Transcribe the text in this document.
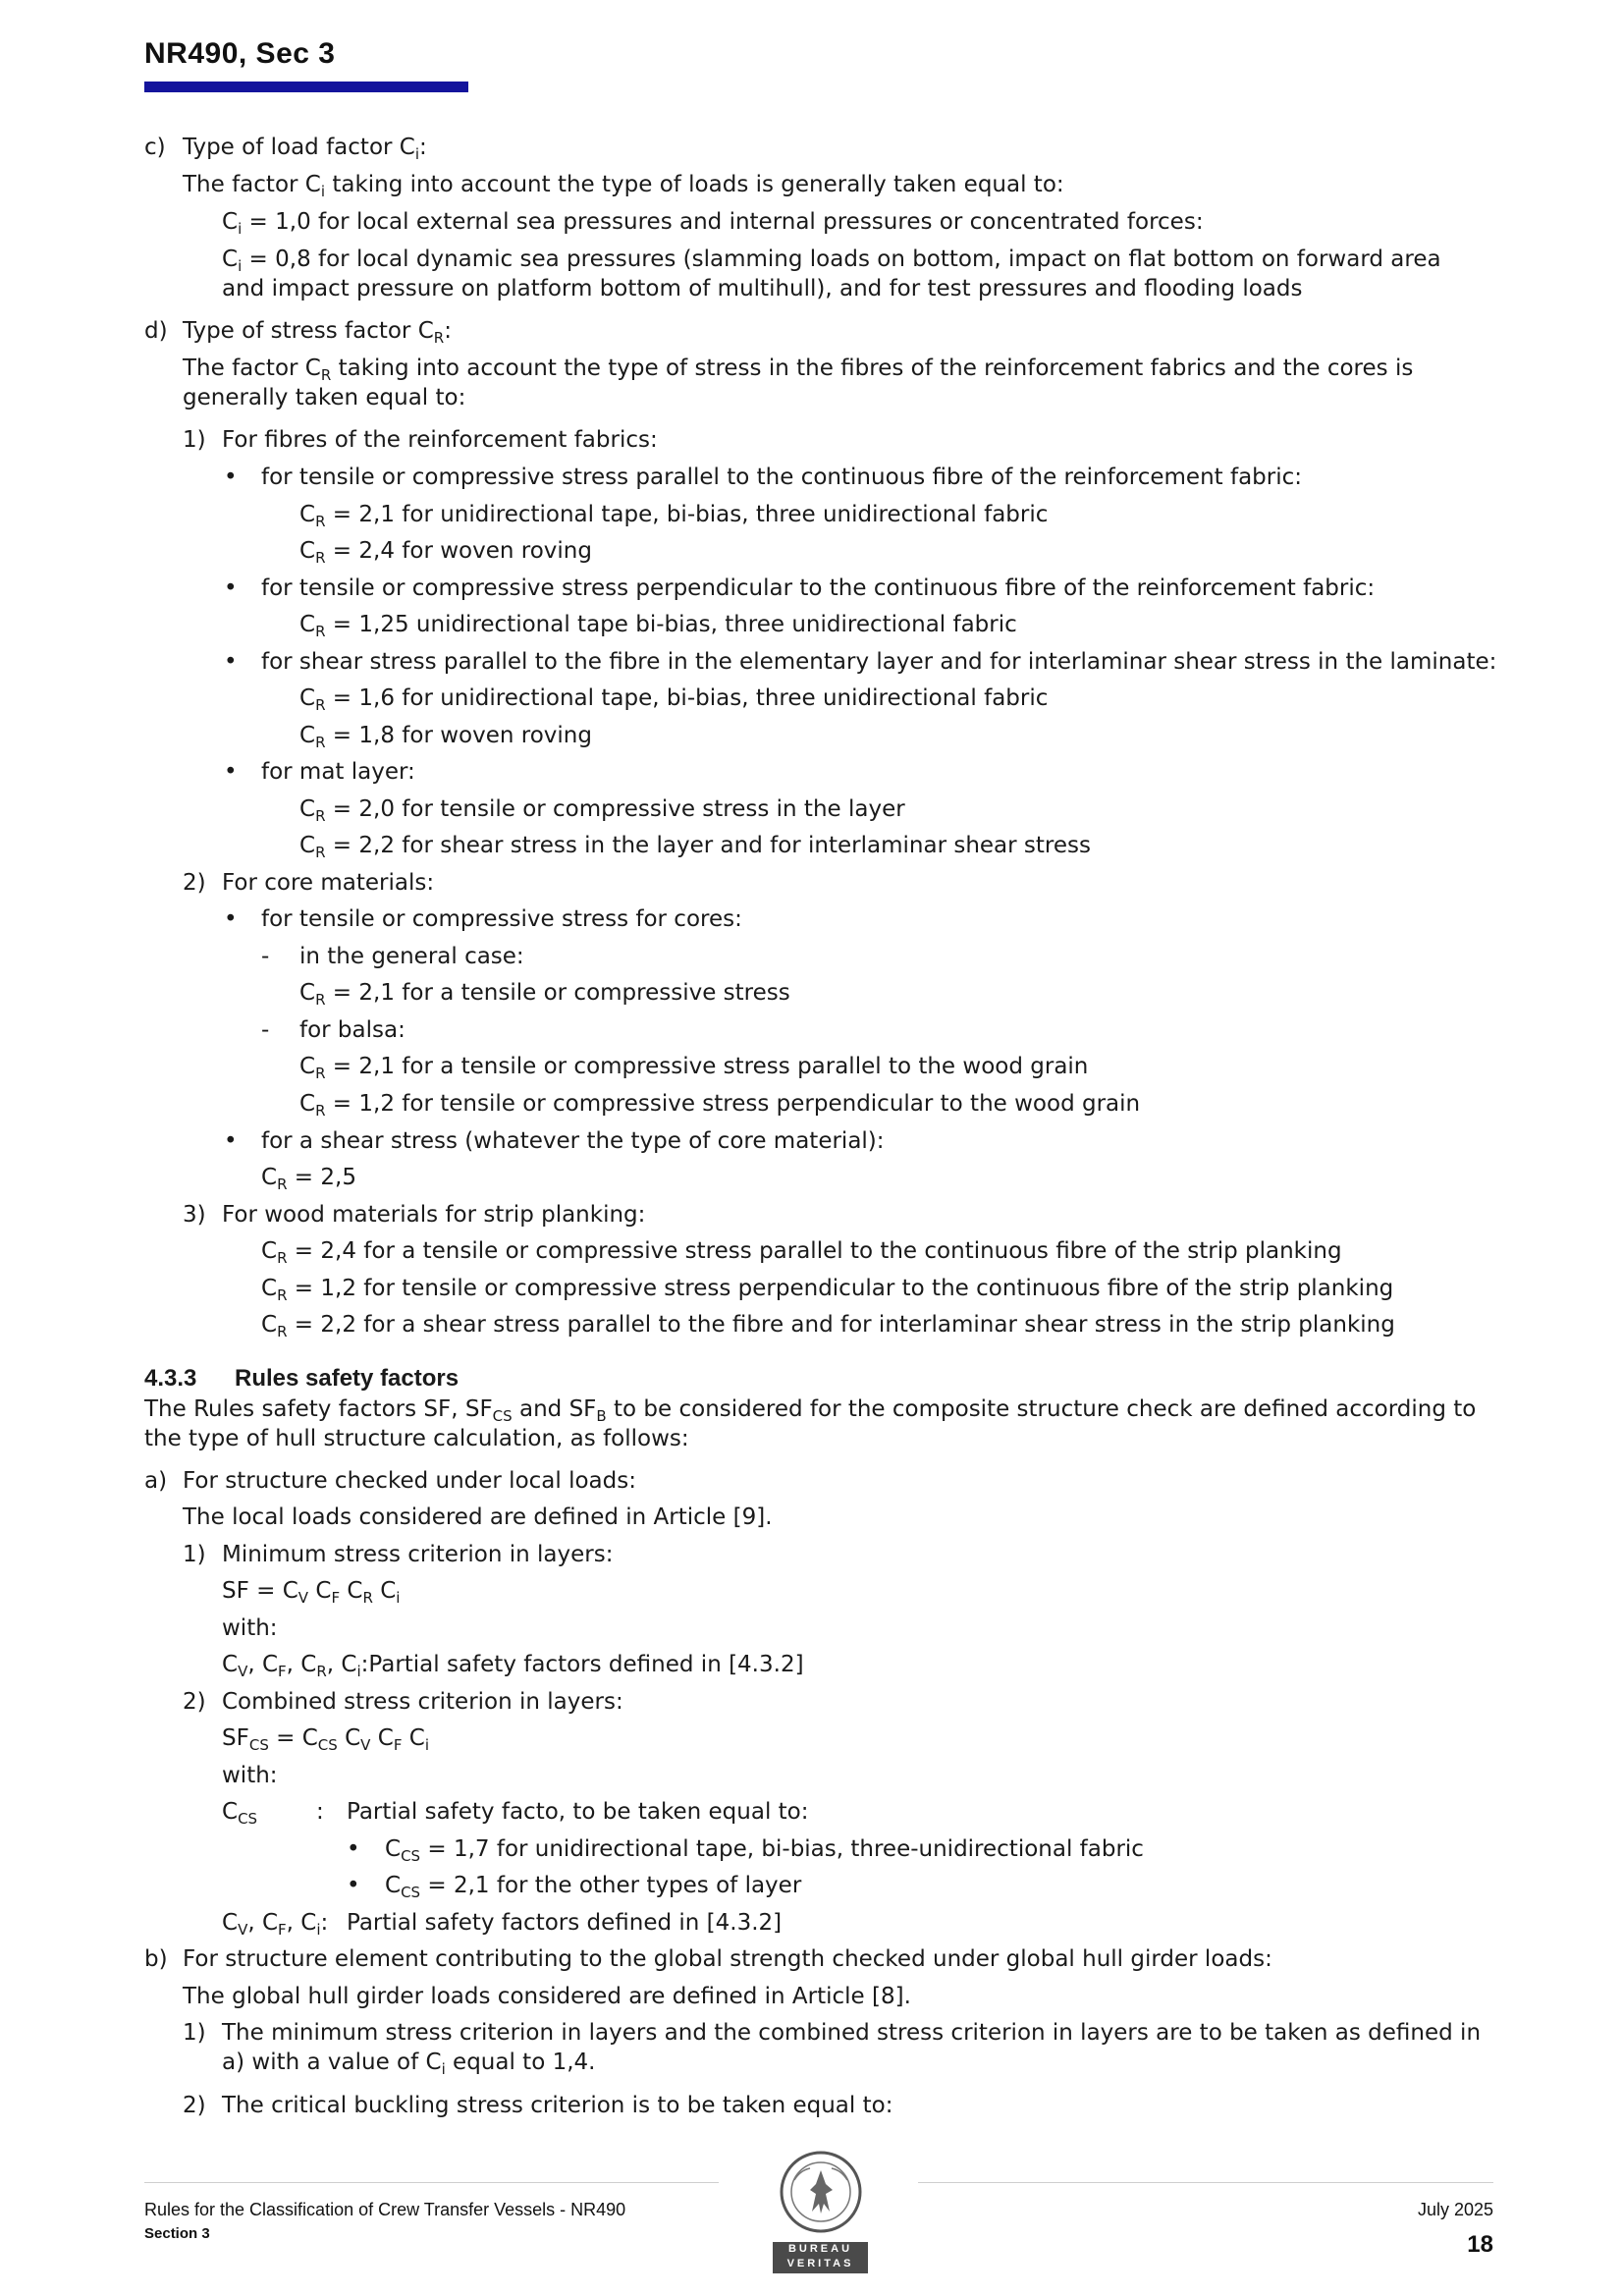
NR490, Sec 3
c) Type of load factor $C_i$:
The factor $C_i$ taking into account the type of loads is generally taken equal to:
$C_i = 1,0$ for local external sea pressures and internal pressures or concentrated forces:
$C_i = 0,8$ for local dynamic sea pressures (slamming loads on bottom, impact on flat bottom on forward area and impact pressure on platform bottom of multihull), and for test pressures and flooding loads
d) Type of stress factor $C_R$:
The factor $C_R$ taking into account the type of stress in the fibres of the reinforcement fabrics and the cores is generally taken equal to:
1) For fibres of the reinforcement fabrics:
• for tensile or compressive stress parallel to the continuous fibre of the reinforcement fabric:
$C_R = 2,1$ for unidirectional tape, bi-bias, three unidirectional fabric
$C_R = 2,4$ for woven roving
• for tensile or compressive stress perpendicular to the continuous fibre of the reinforcement fabric:
$C_R = 1,25$ unidirectional tape bi-bias, three unidirectional fabric
• for shear stress parallel to the fibre in the elementary layer and for interlaminar shear stress in the laminate:
$C_R = 1,6$ for unidirectional tape, bi-bias, three unidirectional fabric
$C_R = 1,8$ for woven roving
• for mat layer:
$C_R = 2,0$ for tensile or compressive stress in the layer
$C_R = 2,2$ for shear stress in the layer and for interlaminar shear stress
2) For core materials:
• for tensile or compressive stress for cores:
- in the general case:
$C_R = 2,1$ for a tensile or compressive stress
- for balsa:
$C_R = 2,1$ for a tensile or compressive stress parallel to the wood grain
$C_R = 1,2$ for tensile or compressive stress perpendicular to the wood grain
• for a shear stress (whatever the type of core material):
$C_R = 2,5$
3) For wood materials for strip planking:
$C_R = 2,4$ for a tensile or compressive stress parallel to the continuous fibre of the strip planking
$C_R = 1,2$ for tensile or compressive stress perpendicular to the continuous fibre of the strip planking
$C_R = 2,2$ for a shear stress parallel to the fibre and for interlaminar shear stress in the strip planking
4.3.3 Rules safety factors
The Rules safety factors SF, $SF_{CS}$ and $SF_B$ to be considered for the composite structure check are defined according to the type of hull structure calculation, as follows:
a) For structure checked under local loads:
The local loads considered are defined in Article [9].
1) Minimum stress criterion in layers:
SF = $C_V$ $C_F$ $C_R$ $C_i$
with:
$C_V$, $C_F$, $C_R$, $C_i:Partial$ safety factors defined in [4.3.2]
2) Combined stress criterion in layers:
$SF_{CS} = C_{CS}$ $C_V$ $C_F$ $C_i$
with:
$C_{CS}$	: Partial safety facto, to be taken equal to:
• $C_{CS} = 1,7$ for unidirectional tape, bi-bias, three-unidirectional fabric
• $C_{CS} = 2,1$ for the other types of layer
$C_V$, $C_F$, $C_i$: Partial safety factors defined in [4.3.2]
b) For structure element contributing to the global strength checked under global hull girder loads:
The global hull girder loads considered are defined in Article [8].
1) The minimum stress criterion in layers and the combined stress criterion in layers are to be taken as defined in a) with a value of $C_i$ equal to 1,4.
2) The critical buckling stress criterion is to be taken equal to:
Rules for the Classification of Crew Transfer Vessels - NR490
Section 3
BUREAU
VERITAS
July 2025
18
